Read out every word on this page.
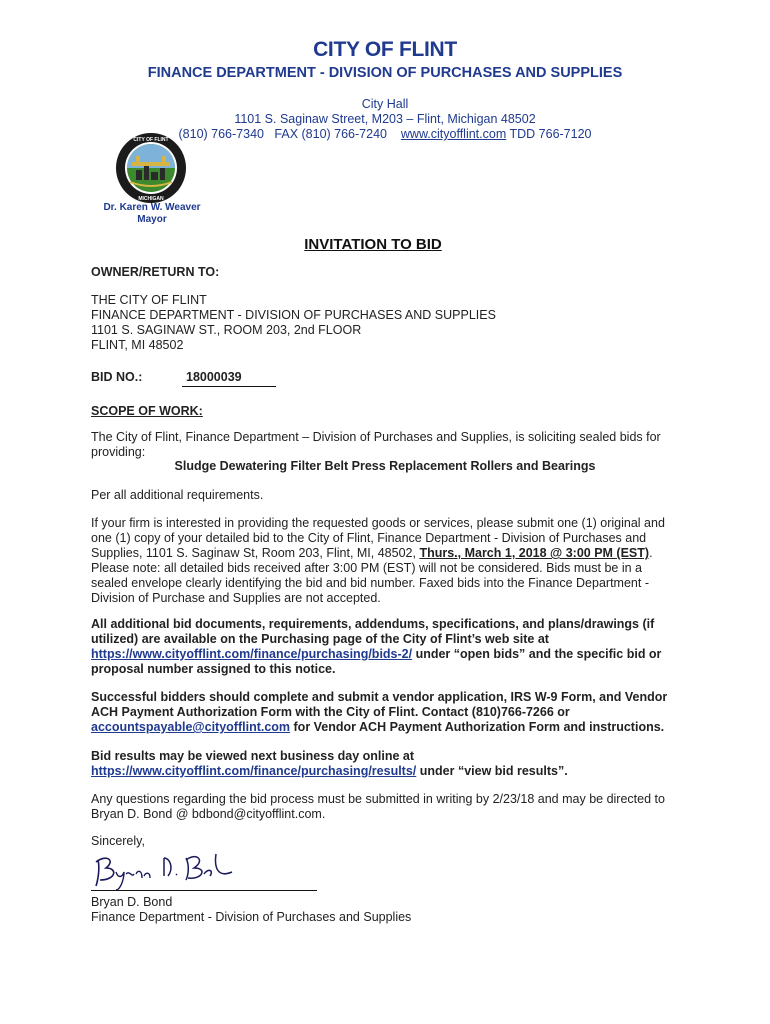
CITY OF FLINT
FINANCE DEPARTMENT - DIVISION OF PURCHASES AND SUPPLIES
City Hall
1101 S. Saginaw Street, M203 – Flint, Michigan 48502
(810) 766-7340 FAX (810) 766-7240 www.cityofflint.com TDD 766-7120
CITY OF FLINT
MICHIGAN
Dr. Karen W. Weaver
Mayor
INVITATION TO BID
OWNER/RETURN TO:
THE CITY OF FLINT
FINANCE DEPARTMENT - DIVISION OF PURCHASES AND SUPPLIES
1101 S. SAGINAW ST., ROOM 203, 2nd FLOOR
FLINT, MI 48502
BID NO.:	18000039
SCOPE OF WORK:
The City of Flint, Finance Department – Division of Purchases and Supplies, is soliciting sealed bids for providing:
Sludge Dewatering Filter Belt Press Replacement Rollers and Bearings
Per all additional requirements.
If your firm is interested in providing the requested goods or services, please submit one (1) original and one (1) copy of your detailed bid to the City of Flint, Finance Department - Division of Purchases and Supplies, 1101 S. Saginaw St, Room 203, Flint, MI, 48502, Thurs., March 1, 2018 @ 3:00 PM (EST). Please note: all detailed bids received after 3:00 PM (EST) will not be considered. Bids must be in a sealed envelope clearly identifying the bid and bid number. Faxed bids into the Finance Department - Division of Purchase and Supplies are not accepted.
All additional bid documents, requirements, addendums, specifications, and plans/drawings (if utilized) are available on the Purchasing page of the City of Flint’s web site at https://www.cityofflint.com/finance/purchasing/bids-2/ under “open bids” and the specific bid or proposal number assigned to this notice.
Successful bidders should complete and submit a vendor application, IRS W-9 Form, and Vendor ACH Payment Authorization Form with the City of Flint. Contact (810)766-7266 or accountspayable@cityofflint.com for Vendor ACH Payment Authorization Form and instructions.
Bid results may be viewed next business day online at https://www.cityofflint.com/finance/purchasing/results/ under “view bid results”.
Any questions regarding the bid process must be submitted in writing by 2/23/18 and may be directed to Bryan D. Bond @ bdbond@cityofflint.com.
Sincerely,
Bryan D. Bond
Finance Department - Division of Purchases and Supplies
